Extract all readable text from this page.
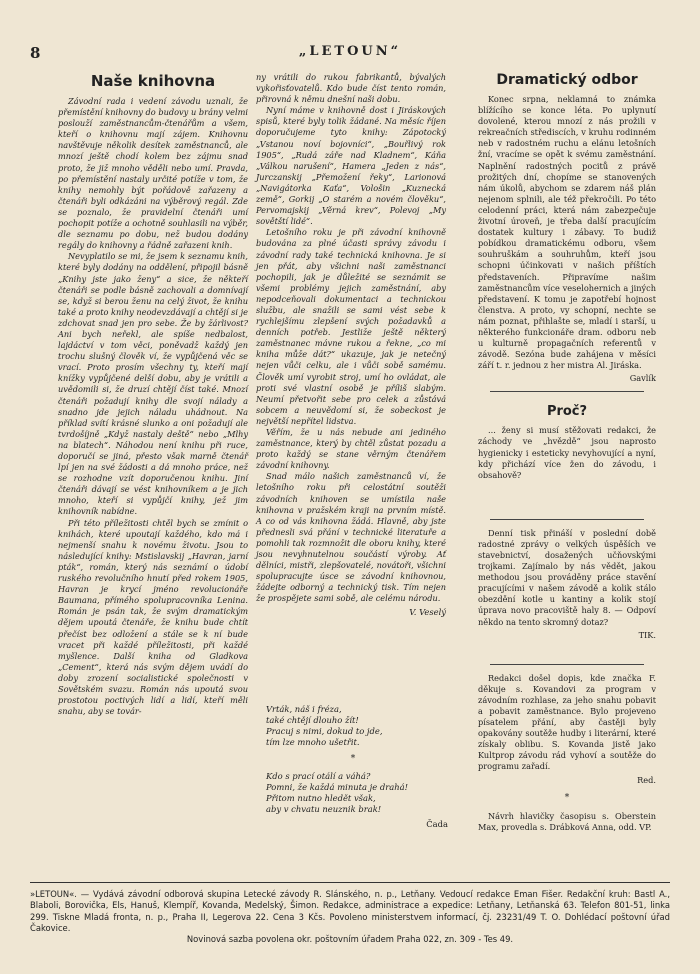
8	„LETOUN“
Naše knihovna

Závodní rada i vedení závodu uznali, že přemístění knihovny do budovy u brány velmi poslouží zaměstnancům-čtenářům a všem, kteří o knihovnu mají zájem. Knihovnu navštěvuje několik desítek zaměstnanců, ale mnozí ještě chodí kolem bez zájmu snad proto, že již mnoho věděli nebo umí. Pravda, po přemístění nastaly určité potíže v tom, že knihy nemohly být pořádově zařazeny a čtenáři byli odkázáni na výběrový regál. Zde se poznalo, že pravidelní čtenáři umí pochopit potíže a ochotně souhlasili na výběr, dle seznamu po dobu, než budou dodány regály do knihovny a řádně zařazeni knih.

Nevyplatilo se mi, že jsem k seznamu knih, které byly dodány na oddělení, připojil básně „Knihy jste jako ženy“ a sice, že někteří čtenáři se podle básně zachovali a domnívají se, když si berou ženu na celý život, že knihu také a proto knihy neodevzdávají a chtějí si je zdchovat snad jen pro sebe. Že by žárlivost? Ani bych neřekl, ale spíše nedbalost, lajdáctví v tom věci, poněvadž každý jen trochu slušný člověk ví, že vypůjčená věc se vrací. Proto prosím všechny ty, kteří mají knížky vypůjčené delší dobu, aby je vrátili a uvědomili si, že druzí chtějí číst také. Mnozí čtenáři požadují knihy dle svojí nálady a snadno jde jejich náladu uhádnout. Na příklad svítí krásné slunko a oni požadují ale tvrdošíjně „Když nastaly deště“ nebo „Mlhy na blatech“. Náhodou není knihu při ruce, doporučí se jiná, přesto však marně čtenář lpí jen na své žádosti a dá mnoho práce, než se rozhodne vzít doporučenou knihu. Jiní čtenáři dávají se vést knihovníkem a je jich mnoho, kteří si vypůjčí knihy, jež jim knihovník nabídne.

Při této příležitosti chtěl bych se zmínit o knihách, které upoutají každého, kdo má i nejmenší snahu k novému životu. Jsou to následující knihy: Mstislavskij „Havran, jarní pták“, román, který nás seznámí o údobí ruského revolučního hnutí před rokem 1905, Havran je krycí jméno revolucionáře Baumana, přímého spolupracovníka Lenina. Román je psán tak, že svým dramatickým dějem upoutá čtenáře, že knihu bude chtít přečíst bez odložení a stále se k ní bude vracet při každé příležitosti, při každé myšlence. Další kniha od Gladkova „Cement“, která nás svým dějem uvádí do doby zrození socialistické společnosti v Sovětském svazu. Román nás upoutá svou prostotou poctivých lidí a lidí, kteří měli snahu, aby se továr-

ny vrátili do rukou fabrikantů, bývalých vykořisťovatelů. Kdo bude číst tento román, přirovná k němu dnešní naši dobu.

Nyní máme v knihovně dost i Jiráskových spisů, které byly tolik žádané. Na měsíc říjen doporučujeme tyto knihy: Zápotocký „Vstanou noví bojovníci“, „Bouřlivý rok 1905“, „Rudá záře nad Kladnem“, Káňa „Válkou narušení“, Hamera „Jeden z nás“, Jurczanskij „Přemožení řeky“, Larionová „Navigátorka Kaťa“, Vološin „Kuznecká země“, Gorkij „O starém a novém člověku“, Pervomajskij „Věrná krev“, Polevoj „My sovětští lidé“.

Letošního roku je při závodní knihovně budována za plné účasti správy závodu i závodní rady také technická knihovna. Je si jen přát, aby všichni naši zaměstnanci pochopili, jak je důležité se seznámit se všemi problémy jejich zaměstnání, aby nepodceňovali dokumentaci a technickou službu, ale snažili se sami vést sebe k rychlejšímu zlepšení svých požadavků a denních potřeb. Jestliže ještě některý zaměstnanec mávne rukou a řekne, „co mi kniha může dát?“ ukazuje, jak je netečný nejen vůči celku, ale i vůči sobě samému. Člověk umí vyrobit stroj, umí ho ovládat, ale proti své vlastní osobě je příliš slabým. Neumí přetvořit sebe pro celek a zůstává sobcem a neuvědomí si, že sobeckost je největší nepřítel lidstva.

Věřím, že u nás nebude ani jediného zaměstnance, který by chtěl zůstat pozadu a proto každý se stane věrným čtenářem závodní knihovny.

Snad málo našich zaměstnanců ví, že letošního roku při celostátní soutěži závodních knihoven se umístila naše knihovna v pražském kraji na prvním místě. A co od vás knihovna žádá. Hlavně, aby jste přednesli svá přání v technické literatuře a pomohli tak rozmnožit dle oboru knihy, které jsou nevyhnutelnou součástí výroby. Ať dělníci, mistři, zlepšovatelé, novátoři, všichni spolupracujte úsce se závodní knihovnou, žádejte odborný a technický tisk. Tím nejen že prospějete sami sobě, ale celému národu.

V. Veselý

Vrták, náš i fréza,
také chtějí dlouho žít!
Pracuj s nimi, dokud to jde,
tím lze mnoho ušetřit.

*

Kdo s prací otálí a váhá?
Pomni, že každá minuta je drahá!
Přitom nutno hledět však,
aby v chvatu neuznik brak!

Čada
Dramatický odbor

Konec srpna, neklamná to známka blížícího se konce léta. Po uplynutí dovolené, kterou mnozí z nás prožili v rekreačních střediscích, v kruhu rodinném neb v radostném ruchu a elánu letošních žní, vracíme se opět k svému zaměstnání. Naplnění radostných pocitů z právě prožitých dní, chopíme se stanovených nám úkolů, abychom se zdarem náš plán nejenom splnili, ale též překročili. Po této celodenní práci, která nám zabezpečuje životní úroveň, je třeba další pracujícím dostatek kultury i zábavy. To budiž pobídkou dramatickému odboru, všem souhruškám a souhruhům, kteří jsou schopni účinkovati v našich příštích představeních. Připravíme našim zaměstnancům více veselohernich a jiných představení. K tomu je zapotřebí hojnost členstva. A proto, vy schopní, nechte se nám poznat, přihlašte se, mladí i starší, u některého funkcionáře dram. odboru neb u kulturně propagačních referentů v závodě. Sezóna bude zahájena v měsíci září t. r. jednou z her mistra Al. Jiráska.

Gavlík
Proč?

... ženy si musí stěžovati redakci, že záchody ve „hvězdě“ jsou naprosto hygienicky i esteticky nevyhovující a nyní, kdy přichází více žen do závodu, i obsahově?

Denní tisk přináší v poslední době radostné zprávy o velkých úspěších ve stavebnictví, dosažených učňovskými trojkami. Zajímalo by nás vědět, jakou methodou jsou prováděny práce stavění pracujícími v našem závodě a kolik stálo obezdění kotle u kantiny a kolik stojí úprava novo pracoviště haly 8. — Odpoví někdo na tento skromný dotaz?

TIK.

Redakci došel dopis, kde značka F. děkuje s. Kovandovi za program v závodním rozhlase, za jeho snahu pobavit a pobavit zaměstnance. Bylo projeveno písatelem přání, aby častěji byly opakovány soutěže hudby i literární, které získaly oblibu. S. Kovanda jistě jako Kultprop závodu rád vyhoví a soutěže do programu zařadí.

Red.
*

Návrh hlavičky časopisu s. Oberstein Max, provedla s. Drábková Anna, odd. VP.

»LETOUN«. — Vydává závodní odborová skupina Letecké závody R. Slánského, n. p., Letňany. Vedoucí redakce Eman Fišer. Redakční kruh: Bastl A., Blaboli, Borovička, Els, Hanuš, Klempíř, Kovanda, Medelský, Šimon. Redakce, administrace a expedice: Letňany, Letňanská 63. Telefon 801-51, linka 299. Tiskne Mladá fronta, n. p., Praha II, Legerova 22. Cena 3 Kčs. Povoleno ministerstvem informací, čj. 23231/49 T. O. Dohlédací poštovní úřad Čakovice.
Novinová sazba povolena okr. poštovním úřadem Praha 022, zn. 309 - Tes 49.
